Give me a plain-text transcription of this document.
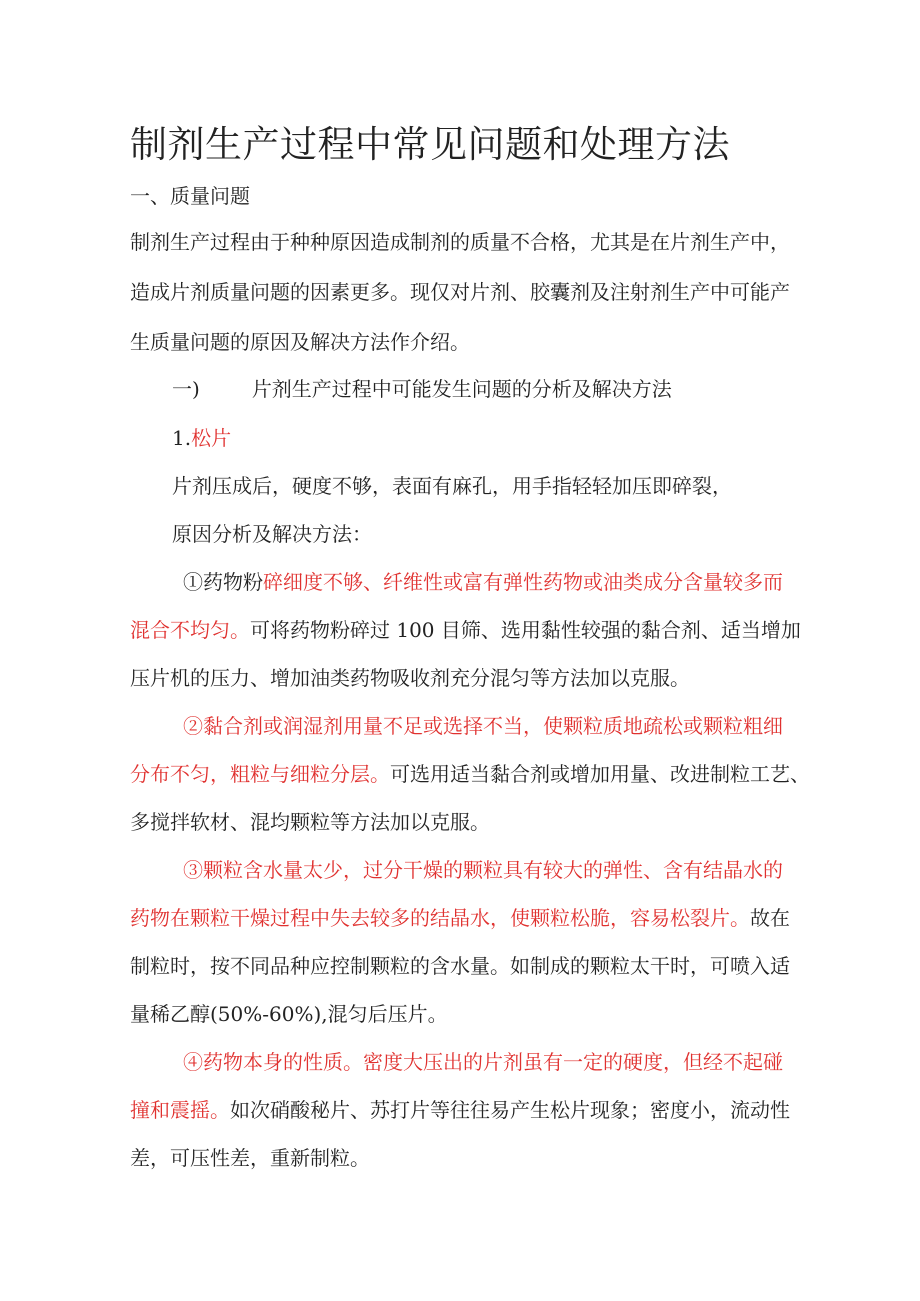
制剂生产过程中常见问题和处理方法

一、质量问题

制剂生产过程由于种种原因造成制剂的质量不合格，尤其是在片剂生产中，

造成片剂质量问题的因素更多。现仅对片剂、胶囊剂及注射剂生产中可能产

生质量问题的原因及解决方法作介绍。

一)	片剂生产过程中可能发生问题的分析及解决方法

1.松片

片剂压成后，硬度不够，表面有麻孔，用手指轻轻加压即碎裂，

原因分析及解决方法：

①药物粉碎细度不够、纤维性或富有弹性药物或油类成分含量较多而

混合不均匀。可将药物粉碎过 100 目筛、选用黏性较强的黏合剂、适当增加

压片机的压力、增加油类药物吸收剂充分混匀等方法加以克服。

②黏合剂或润湿剂用量不足或选择不当，使颗粒质地疏松或颗粒粗细

分布不匀，粗粒与细粒分层。可选用适当黏合剂或增加用量、改进制粒工艺、

多搅拌软材、混均颗粒等方法加以克服。

③颗粒含水量太少，过分干燥的颗粒具有较大的弹性、含有结晶水的

药物在颗粒干燥过程中失去较多的结晶水，使颗粒松脆，容易松裂片。故在

制粒时，按不同品种应控制颗粒的含水量。如制成的颗粒太干时，可喷入适

量稀乙醇(50%-60%),混匀后压片。

④药物本身的性质。密度大压出的片剂虽有一定的硬度，但经不起碰

撞和震摇。如次硝酸秘片、苏打片等往往易产生松片现象；密度小，流动性

差，可压性差，重新制粒。
